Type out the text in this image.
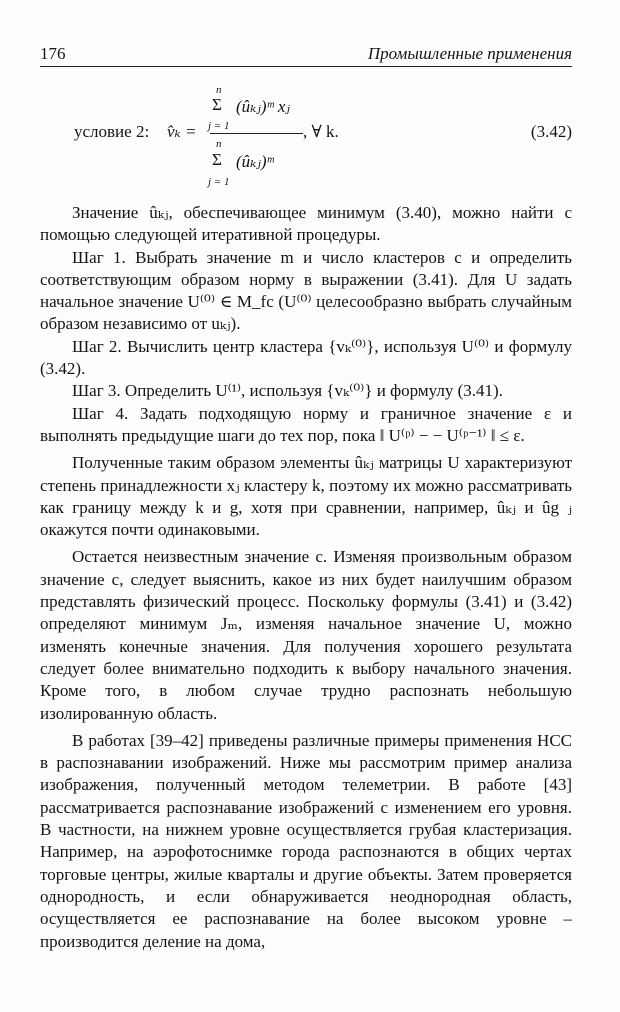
176	Промышленные применения
условие 2: v̂ₖ =
n
Σ (ûₖⱼ)ᵐ xⱼ
j = 1	, ∀ k.
n
Σ (ûₖⱼ)ᵐ
j = 1
(3.42)

Значение ûₖⱼ, обеспечивающее минимум (3.40), можно найти с помощью следующей итеративной процедуры.

Шаг 1. Выбрать значение m и число кластеров c и определить соответствующим образом норму в выражении (3.41). Для U задать начальное значение U⁽⁰⁾ ∈ M_fc (U⁽⁰⁾ целесообразно выбрать случайным образом независимо от uₖⱼ).

Шаг 2. Вычислить центр кластера {vₖ⁽⁰⁾}, используя U⁽⁰⁾ и формулу (3.42).

Шаг 3. Определить U⁽¹⁾, используя {vₖ⁽⁰⁾} и формулу (3.41).

Шаг 4. Задать подходящую норму и граничное значение ε и выполнять предыдущие шаги до тех пор, пока ‖ U⁽ᵖ⁾ − − U⁽ᵖ⁻¹⁾ ‖ ≤ ε.

Полученные таким образом элементы ûₖⱼ матрицы U характеризуют степень принадлежности xⱼ кластеру k, поэтому их можно рассматривать как границу между k и g, хотя при сравнении, например, ûₖⱼ и ûg ⱼ окажутся почти одинаковыми.

Остается неизвестным значение c. Изменяя произвольным образом значение c, следует выяснить, какое из них будет наилучшим образом представлять физический процесс. Поскольку формулы (3.41) и (3.42) определяют минимум Jₘ, изменяя начальное значение U, можно изменять конечные значения. Для получения хорошего результата следует более внимательно подходить к выбору начального значения. Кроме того, в любом случае трудно распознать небольшую изолированную область.

В работах [39–42] приведены различные примеры применения НСС в распознавании изображений. Ниже мы рассмотрим пример анализа изображения, полученный методом телеметрии. В работе [43] рассматривается распознавание изображений с изменением его уровня. В частности, на нижнем уровне осуществляется грубая кластеризация. Например, на аэрофотоснимке города распознаются в общих чертах торговые центры, жилые кварталы и другие объекты. Затем проверяется однородность, и если обнаруживается неоднородная область, осуществляется ее распознавание на более высоком уровне – производится деление на дома,
